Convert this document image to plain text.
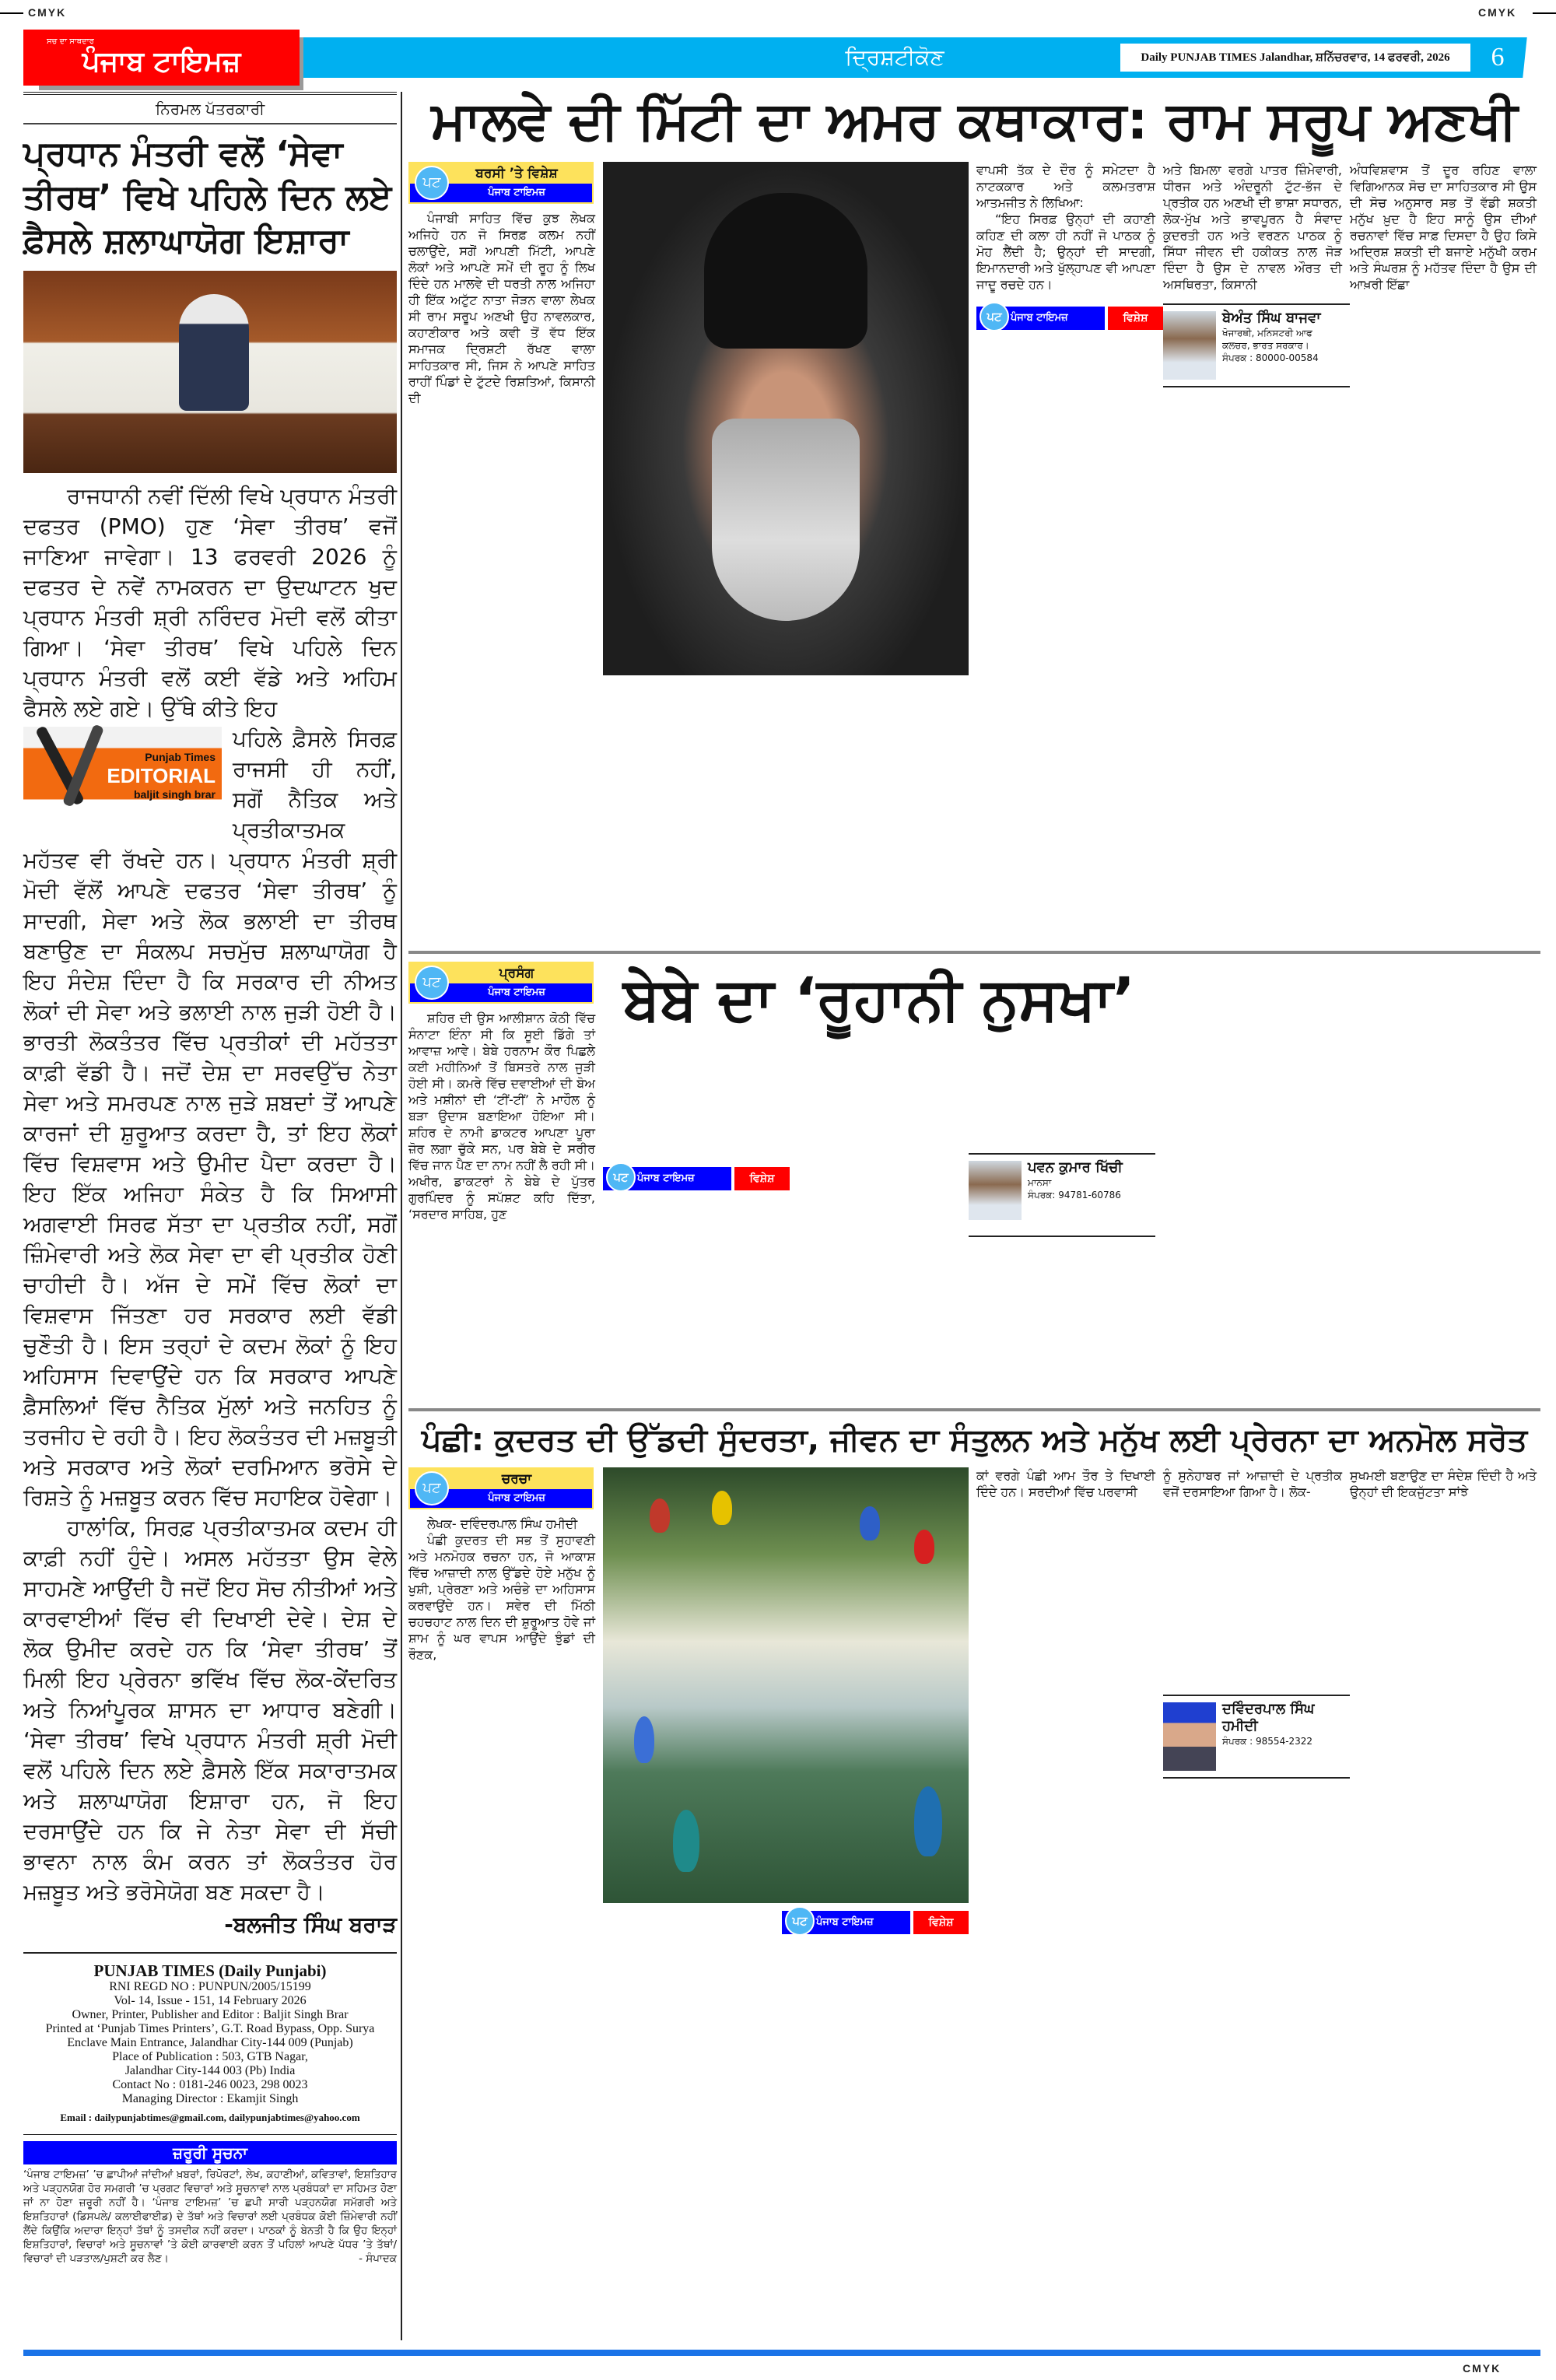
CMYK	CMYK
ਸਚ ਦਾ ਸਾਥਦਾਰ
ਪੰਜਾਬ ਟਾਇਮਜ਼	ਦ੍ਰਿਸ਼ਟੀਕੋਣ	Daily PUNJAB TIMES Jalandhar, ਸ਼ਨਿੱਚਰਵਾਰ, 14 ਫਰਵਰੀ, 2026	6
ਨਿਰਮਲ ਪੱਤਰਕਾਰੀ
ਪ੍ਰਧਾਨ ਮੰਤਰੀ ਵਲੋਂ ‘ਸੇਵਾ ਤੀਰਥ’ ਵਿਖੇ ਪਹਿਲੇ ਦਿਨ ਲਏ ਫ਼ੈਸਲੇ ਸ਼ਲਾਘਾਯੋਗ ਇਸ਼ਾਰਾ

ਰਾਜਧਾਨੀ ਨਵੀਂ ਦਿੱਲੀ ਵਿਖੇ ਪ੍ਰਧਾਨ ਮੰਤਰੀ ਦਫਤਰ (PMO) ਹੁਣ ‘ਸੇਵਾ ਤੀਰਥ’ ਵਜੋਂ ਜਾਣਿਆ ਜਾਵੇਗਾ। 13 ਫਰਵਰੀ 2026 ਨੂੰ ਦਫਤਰ ਦੇ ਨਵੇਂ ਨਾਮਕਰਨ ਦਾ ਉਦਘਾਟਨ ਖੁਦ ਪ੍ਰਧਾਨ ਮੰਤਰੀ ਸ਼੍ਰੀ ਨਰਿੰਦਰ ਮੋਦੀ ਵਲੋਂ ਕੀਤਾ ਗਿਆ। ‘ਸੇਵਾ ਤੀਰਥ’ ਵਿਖੇ ਪਹਿਲੇ ਦਿਨ ਪ੍ਰਧਾਨ ਮੰਤਰੀ ਵਲੋਂ ਕਈ ਵੱਡੇ ਅਤੇ ਅਹਿਮ ਫੈਸਲੇ ਲਏ ਗਏ। ਉੱਥੇ ਕੀਤੇ ਇਹ

Punjab Times
EDITORIAL
baljit singh brar
ਪਹਿਲੇ ਫ਼ੈਸਲੇ ਸਿਰਫ਼ ਰਾਜਸੀ ਹੀ ਨਹੀਂ, ਸਗੋਂ ਨੈਤਿਕ ਅਤੇ ਪ੍ਰਤੀਕਾਤਮਕ ਮਹੱਤਵ ਵੀ ਰੱਖਦੇ ਹਨ। ਪ੍ਰਧਾਨ ਮੰਤਰੀ ਸ਼੍ਰੀ ਮੋਦੀ ਵੱਲੋਂ ਆਪਣੇ ਦਫਤਰ ‘ਸੇਵਾ ਤੀਰਥ’ ਨੂੰ ਸਾਦਗੀ, ਸੇਵਾ ਅਤੇ ਲੋਕ ਭਲਾਈ ਦਾ ਤੀਰਥ ਬਣਾਉਣ ਦਾ ਸੰਕਲਪ ਸਚਮੁੱਚ ਸ਼ਲਾਘਾਯੋਗ ਹੈ ਇਹ ਸੰਦੇਸ਼ ਦਿੰਦਾ ਹੈ ਕਿ ਸਰਕਾਰ ਦੀ ਨੀਅਤ ਲੋਕਾਂ ਦੀ ਸੇਵਾ ਅਤੇ ਭਲਾਈ ਨਾਲ ਜੁੜੀ ਹੋਈ ਹੈ। ਭਾਰਤੀ ਲੋਕਤੰਤਰ ਵਿੱਚ ਪ੍ਰਤੀਕਾਂ ਦੀ ਮਹੱਤਤਾ ਕਾਫ਼ੀ ਵੱਡੀ ਹੈ। ਜਦੋਂ ਦੇਸ਼ ਦਾ ਸਰਵਉੱਚ ਨੇਤਾ ਸੇਵਾ ਅਤੇ ਸਮਰਪਣ ਨਾਲ ਜੁੜੇ ਸ਼ਬਦਾਂ ਤੋਂ ਆਪਣੇ ਕਾਰਜਾਂ ਦੀ ਸ਼ੁਰੂਆਤ ਕਰਦਾ ਹੈ, ਤਾਂ ਇਹ ਲੋਕਾਂ ਵਿੱਚ ਵਿਸ਼ਵਾਸ ਅਤੇ ਉਮੀਦ ਪੈਦਾ ਕਰਦਾ ਹੈ। ਇਹ ਇੱਕ ਅਜਿਹਾ ਸੰਕੇਤ ਹੈ ਕਿ ਸਿਆਸੀ ਅਗਵਾਈ ਸਿਰਫ ਸੱਤਾ ਦਾ ਪ੍ਰਤੀਕ ਨਹੀਂ, ਸਗੋਂ ਜ਼ਿੰਮੇਵਾਰੀ ਅਤੇ ਲੋਕ ਸੇਵਾ ਦਾ ਵੀ ਪ੍ਰਤੀਕ ਹੋਣੀ ਚਾਹੀਦੀ ਹੈ। ਅੱਜ ਦੇ ਸਮੇਂ ਵਿੱਚ ਲੋਕਾਂ ਦਾ ਵਿਸ਼ਵਾਸ ਜਿੱਤਣਾ ਹਰ ਸਰਕਾਰ ਲਈ ਵੱਡੀ ਚੁਣੌਤੀ ਹੈ। ਇਸ ਤਰ੍ਹਾਂ ਦੇ ਕਦਮ ਲੋਕਾਂ ਨੂੰ ਇਹ ਅਹਿਸਾਸ ਦਿਵਾਉਂਦੇ ਹਨ ਕਿ ਸਰਕਾਰ ਆਪਣੇ ਫ਼ੈਸਲਿਆਂ ਵਿੱਚ ਨੈਤਿਕ ਮੁੱਲਾਂ ਅਤੇ ਜਨਹਿਤ ਨੂੰ ਤਰਜੀਹ ਦੇ ਰਹੀ ਹੈ। ਇਹ ਲੋਕਤੰਤਰ ਦੀ ਮਜ਼ਬੂਤੀ ਅਤੇ ਸਰਕਾਰ ਅਤੇ ਲੋਕਾਂ ਦਰਮਿਆਨ ਭਰੋਸੇ ਦੇ ਰਿਸ਼ਤੇ ਨੂੰ ਮਜ਼ਬੂਤ ਕਰਨ ਵਿੱਚ ਸਹਾਇਕ ਹੋਵੇਗਾ।

ਹਾਲਾਂਕਿ, ਸਿਰਫ਼ ਪ੍ਰਤੀਕਾਤਮਕ ਕਦਮ ਹੀ ਕਾਫ਼ੀ ਨਹੀਂ ਹੁੰਦੇ। ਅਸਲ ਮਹੱਤਤਾ ਉਸ ਵੇਲੇ ਸਾਹਮਣੇ ਆਉਂਦੀ ਹੈ ਜਦੋਂ ਇਹ ਸੋਚ ਨੀਤੀਆਂ ਅਤੇ ਕਾਰਵਾਈਆਂ ਵਿੱਚ ਵੀ ਦਿਖਾਈ ਦੇਵੇ। ਦੇਸ਼ ਦੇ ਲੋਕ ਉਮੀਦ ਕਰਦੇ ਹਨ ਕਿ ‘ਸੇਵਾ ਤੀਰਥ’ ਤੋਂ ਮਿਲੀ ਇਹ ਪ੍ਰੇਰਨਾ ਭਵਿੱਖ ਵਿੱਚ ਲੋਕ-ਕੇਂਦਰਿਤ ਅਤੇ ਨਿਆਂਪੂਰਕ ਸ਼ਾਸਨ ਦਾ ਆਧਾਰ ਬਣੇਗੀ। ‘ਸੇਵਾ ਤੀਰਥ’ ਵਿਖੇ ਪ੍ਰਧਾਨ ਮੰਤਰੀ ਸ਼੍ਰੀ ਮੋਦੀ ਵਲੋਂ ਪਹਿਲੇ ਦਿਨ ਲਏ ਫ਼ੈਸਲੇ ਇੱਕ ਸਕਾਰਾਤਮਕ ਅਤੇ ਸ਼ਲਾਘਾਯੋਗ ਇਸ਼ਾਰਾ ਹਨ, ਜੋ ਇਹ ਦਰਸਾਉਂਦੇ ਹਨ ਕਿ ਜੇ ਨੇਤਾ ਸੇਵਾ ਦੀ ਸੱਚੀ ਭਾਵਨਾ ਨਾਲ ਕੰਮ ਕਰਨ ਤਾਂ ਲੋਕਤੰਤਰ ਹੋਰ ਮਜ਼ਬੂਤ ਅਤੇ ਭਰੋਸੇਯੋਗ ਬਣ ਸਕਦਾ ਹੈ।

-ਬਲਜੀਤ ਸਿੰਘ ਬਰਾੜ
PUNJAB TIMES (Daily Punjabi)
RNI REGD NO : PUNPUN/2005/15199
Vol- 14, Issue - 151, 14 February 2026
Owner, Printer, Publisher and Editor : Baljit Singh Brar
Printed at ‘Punjab Times Printers’, G.T. Road Bypass, Opp. Surya
Enclave Main Entrance, Jalandhar City-144 009 (Punjab)
Place of Publication : 503, GTB Nagar,
Jalandhar City-144 003 (Pb) India
Contact No : 0181-246 0023, 298 0023
Managing Director : Ekamjit Singh
Email : dailypunjabtimes@gmail.com, dailypunjabtimes@yahoo.com
ਜ਼ਰੂਰੀ ਸੂਚਨਾ
‘ਪੰਜਾਬ ਟਾਇਮਜ਼’ ’ਚ ਛਾਪੀਆਂ ਜਾਂਦੀਆਂ ਖ਼ਬਰਾਂ, ਰਿਪੋਰਟਾਂ, ਲੇਖ, ਕਹਾਣੀਆਂ, ਕਵਿਤਾਵਾਂ, ਇਸ਼ਤਿਹਾਰ ਅਤੇ ਪੜ੍ਹਨਯੋਗ ਹੋਰ ਸਮਗਰੀ ’ਚ ਪ੍ਰਗਟ ਵਿਚਾਰਾਂ ਅਤੇ ਸੂਚਨਾਵਾਂ ਨਾਲ ਪ੍ਰਬੰਧਕਾਂ ਦਾ ਸਹਿਮਤ ਹੋਣਾ ਜਾਂ ਨਾ ਹੋਣਾ ਜ਼ਰੂਰੀ ਨਹੀਂ ਹੈ। ‘ਪੰਜਾਬ ਟਾਇਮਜ਼’ ’ਚ ਛਪੀ ਸਾਰੀ ਪੜ੍ਹਨਯੋਗ ਸਮੱਗਰੀ ਅਤੇ ਇਸ਼ਤਿਹਾਰਾਂ (ਡਿਸਪਲੇ/ ਕਲਾਈਫਾਈਡ) ਦੇ ਤੱਥਾਂ ਅਤੇ ਵਿਚਾਰਾਂ ਲਈ ਪ੍ਰਬੰਧਕ ਕੋਈ ਜ਼ਿੰਮੇਵਾਰੀ ਨਹੀਂ ਲੈਂਦੇ ਕਿਉਂਕਿ ਅਦਾਰਾ ਇਨ੍ਹਾਂ ਤੱਥਾਂ ਨੂੰ ਤਸਦੀਕ ਨਹੀਂ ਕਰਦਾ। ਪਾਠਕਾਂ ਨੂੰ ਬੇਨਤੀ ਹੈ ਕਿ ਉਹ ਇਨ੍ਹਾਂ ਇਸ਼ਤਿਹਾਰਾਂ, ਵਿਚਾਰਾਂ ਅਤੇ ਸੂਚਨਾਵਾਂ ’ਤੇ ਕੋਈ ਕਾਰਵਾਈ ਕਰਨ ਤੋਂ ਪਹਿਲਾਂ ਆਪਣੇ ਪੱਧਰ ’ਤੇ ਤੱਥਾਂ/ਵਿਚਾਰਾਂ ਦੀ ਪੜਤਾਲ/ਪੁਸ਼ਟੀ ਕਰ ਲੈਣ।	- ਸੰਪਾਦਕ
ਮਾਲਵੇ ਦੀ ਮਿੱਟੀ ਦਾ ਅਮਰ ਕਥਾਕਾਰ: ਰਾਮ ਸਰੂਪ ਅਣਖੀ
ਪਟ
ਬਰਸੀ ’ਤੇ ਵਿਸ਼ੇਸ਼
ਪੰਜਾਬ ਟਾਇਮਜ਼

ਪੰਜਾਬੀ ਸਾਹਿਤ ਵਿੱਚ ਕੁਝ ਲੇਖਕ ਅਜਿਹੇ ਹਨ ਜੋ ਸਿਰਫ਼ ਕਲਮ ਨਹੀਂ ਚਲਾਉਂਦੇ, ਸਗੋਂ ਆਪਣੀ ਮਿੱਟੀ, ਆਪਣੇ ਲੋਕਾਂ ਅਤੇ ਆਪਣੇ ਸਮੇਂ ਦੀ ਰੂਹ ਨੂੰ ਲਿਖ ਦਿੰਦੇ ਹਨ ਮਾਲਵੇ ਦੀ ਧਰਤੀ ਨਾਲ ਅਜਿਹਾ ਹੀ ਇੱਕ ਅਟੁੱਟ ਨਾਤਾ ਜੋੜਨ ਵਾਲਾ ਲੇਖਕ ਸੀ ਰਾਮ ਸਰੂਪ ਅਣਖੀ ਉਹ ਨਾਵਲਕਾਰ, ਕਹਾਣੀਕਾਰ ਅਤੇ ਕਵੀ ਤੋਂ ਵੱਧ ਇੱਕ ਸਮਾਜਕ ਦ੍ਰਿਸ਼ਟੀ ਰੱਖਣ ਵਾਲਾ ਸਾਹਿਤਕਾਰ ਸੀ, ਜਿਸ ਨੇ ਆਪਣੇ ਸਾਹਿਤ ਰਾਹੀਂ ਪਿੰਡਾਂ ਦੇ ਟੁੱਟਦੇ ਰਿਸ਼ਤਿਆਂ, ਕਿਸਾਨੀ ਦੀ

ਵਾਪਸੀ ਤੱਕ ਦੇ ਦੌਰ ਨੂੰ ਸਮੇਟਦਾ ਹੈ ਨਾਟਕਕਾਰ ਅਤੇ ਕਲਮਤਰਾਸ਼ ਆਤਮਜੀਤ ਨੇ ਲਿਖਿਆ:

“ਇਹ ਸਿਰਫ਼ ਉਨ੍ਹਾਂ ਦੀ ਕਹਾਣੀ ਕਹਿਣ ਦੀ ਕਲਾ ਹੀ ਨਹੀਂ ਜੋ ਪਾਠਕ ਨੂੰ ਮੋਹ ਲੈਂਦੀ ਹੈ; ਉਨ੍ਹਾਂ ਦੀ ਸਾਦਗੀ, ਇਮਾਨਦਾਰੀ ਅਤੇ ਖੁੱਲ੍ਹਾਪਣ ਵੀ ਆਪਣਾ ਜਾਦੂ ਰਚਦੇ ਹਨ।

ਪਟ ਪੰਜਾਬ ਟਾਇਮਜ਼	ਵਿਸ਼ੇਸ਼
ਅਤੇ ਬਿਮਲਾ ਵਰਗੇ ਪਾਤਰ ਜ਼ਿੰਮੇਵਾਰੀ, ਧੀਰਜ ਅਤੇ ਅੰਦਰੂਨੀ ਟੁੱਟ-ਭੱਜ ਦੇ ਪ੍ਰਤੀਕ ਹਨ ਅਣਖੀ ਦੀ ਭਾਸ਼ਾ ਸਧਾਰਨ, ਲੋਕ-ਮੁੱਖ ਅਤੇ ਭਾਵਪੂਰਨ ਹੈ ਸੰਵਾਦ ਕੁਦਰਤੀ ਹਨ ਅਤੇ ਵਰਣਨ ਪਾਠਕ ਨੂੰ ਸਿੱਧਾ ਜੀਵਨ ਦੀ ਹਕੀਕਤ ਨਾਲ ਜੋੜ ਦਿੰਦਾ ਹੈ ਉਸ ਦੇ ਨਾਵਲ ਔਰਤ ਦੀ ਅਸਥਿਰਤਾ, ਕਿਸਾਨੀ
ਬੇਅੰਤ ਸਿੰਘ ਬਾਜਵਾ
ਖੋਜਾਰਥੀ, ਮਨਿਸਟਰੀ ਆਫ
ਕਲਚਰ, ਭਾਰਤ ਸਰਕਾਰ।
ਸੰਪਰਕ : 80000-00584
ਅੰਧਵਿਸ਼ਵਾਸ ਤੋਂ ਦੂਰ ਰਹਿਣ ਵਾਲਾ ਵਿਗਿਆਨਕ ਸੋਚ ਦਾ ਸਾਹਿਤਕਾਰ ਸੀ ਉਸ ਦੀ ਸੋਚ ਅਨੁਸਾਰ ਸਭ ਤੋਂ ਵੱਡੀ ਸ਼ਕਤੀ ਮਨੁੱਖ ਖ਼ੁਦ ਹੈ ਇਹ ਸਾਨੂੰ ਉਸ ਦੀਆਂ ਰਚਨਾਵਾਂ ਵਿੱਚ ਸਾਫ਼ ਦਿਸਦਾ ਹੈ ਉਹ ਕਿਸੇ ਅਦ੍ਰਿਸ਼ ਸ਼ਕਤੀ ਦੀ ਬਜਾਏ ਮਨੁੱਖੀ ਕਰਮ ਅਤੇ ਸੰਘਰਸ਼ ਨੂੰ ਮਹੱਤਵ ਦਿੰਦਾ ਹੈ ਉਸ ਦੀ ਆਖ਼ਰੀ ਇੱਛਾ
ਪਟ
ਪ੍ਰਸੰਗ
ਪੰਜਾਬ ਟਾਇਮਜ਼

ਸ਼ਹਿਰ ਦੀ ਉਸ ਆਲੀਸ਼ਾਨ ਕੋਠੀ ਵਿੱਚ ਸੰਨਾਟਾ ਇੰਨਾ ਸੀ ਕਿ ਸੂਈ ਡਿੱਗੇ ਤਾਂ ਆਵਾਜ਼ ਆਵੇ। ਬੇਬੇ ਹਰਨਾਮ ਕੌਰ ਪਿਛਲੇ ਕਈ ਮਹੀਨਿਆਂ ਤੋਂ ਬਿਸਤਰੇ ਨਾਲ ਜੁੜੀ ਹੋਈ ਸੀ। ਕਮਰੇ ਵਿੱਚ ਦਵਾਈਆਂ ਦੀ ਬੋਅ ਅਤੇ ਮਸ਼ੀਨਾਂ ਦੀ ‘ਟੀਂ-ਟੀਂ’ ਨੇ ਮਾਹੌਲ ਨੂੰ ਬੜਾ ਉਦਾਸ ਬਣਾਇਆ ਹੋਇਆ ਸੀ। ਸ਼ਹਿਰ ਦੇ ਨਾਮੀ ਡਾਕਟਰ ਆਪਣਾ ਪੂਰਾ ਜ਼ੋਰ ਲਗਾ ਚੁੱਕੇ ਸਨ, ਪਰ ਬੇਬੇ ਦੇ ਸਰੀਰ ਵਿੱਚ ਜਾਨ ਪੈਣ ਦਾ ਨਾਮ ਨਹੀਂ ਲੈ ਰਹੀ ਸੀ। ਅਖੀਰ, ਡਾਕਟਰਾਂ ਨੇ ਬੇਬੇ ਦੇ ਪੁੱਤਰ ਗੁਰਪਿੰਦਰ ਨੂੰ ਸਪੱਸ਼ਟ ਕਹਿ ਦਿੱਤਾ, ‘ਸਰਦਾਰ ਸਾਹਿਬ, ਹੁਣ

ਬੇਬੇ ਦਾ ‘ਰੂਹਾਨੀ ਨੁਸਖਾ’
ਪਟ ਪੰਜਾਬ ਟਾਇਮਜ਼	ਵਿਸ਼ੇਸ਼
ਪਵਨ ਕੁਮਾਰ ਖਿੱਚੀ
ਮਾਨਸਾ
ਸੰਪਰਕ: 94781-60786
ਪੰਛੀ: ਕੁਦਰਤ ਦੀ ਉੱਡਦੀ ਸੁੰਦਰਤਾ, ਜੀਵਨ ਦਾ ਸੰਤੁਲਨ ਅਤੇ ਮਨੁੱਖ ਲਈ ਪ੍ਰੇਰਨਾ ਦਾ ਅਨਮੋਲ ਸਰੋਤ
ਪਟ
ਚਰਚਾ
ਪੰਜਾਬ ਟਾਇਮਜ਼

ਲੇਖਕ- ਦਵਿੰਦਰਪਾਲ ਸਿੰਘ ਹਮੀਦੀ

ਪੰਛੀ ਕੁਦਰਤ ਦੀ ਸਭ ਤੋਂ ਸੁਹਾਵਣੀ ਅਤੇ ਮਨਮੋਹਕ ਰਚਨਾ ਹਨ, ਜੋ ਆਕਾਸ਼ ਵਿੱਚ ਆਜ਼ਾਦੀ ਨਾਲ ਉੱਡਦੇ ਹੋਏ ਮਨੁੱਖ ਨੂੰ ਖੁਸ਼ੀ, ਪ੍ਰੇਰਣਾ ਅਤੇ ਅਚੰਭੇ ਦਾ ਅਹਿਸਾਸ ਕਰਵਾਉਂਦੇ ਹਨ। ਸਵੇਰ ਦੀ ਮਿੱਠੀ ਚਹਚਹਾਟ ਨਾਲ ਦਿਨ ਦੀ ਸ਼ੁਰੂਆਤ ਹੋਵੇ ਜਾਂ ਸ਼ਾਮ ਨੂੰ ਘਰ ਵਾਪਸ ਆਉਂਦੇ ਝੁੰਡਾਂ ਦੀ ਰੌਣਕ,

ਪਟ ਪੰਜਾਬ ਟਾਇਮਜ਼	ਵਿਸ਼ੇਸ਼
ਕਾਂ ਵਰਗੇ ਪੰਛੀ ਆਮ ਤੌਰ ਤੇ ਦਿਖਾਈ ਦਿੰਦੇ ਹਨ। ਸਰਦੀਆਂ ਵਿੱਚ ਪਰਵਾਸੀ
ਨੂੰ ਸੁਨੇਹਾਬਰ ਜਾਂ ਆਜ਼ਾਦੀ ਦੇ ਪ੍ਰਤੀਕ ਵਜੋਂ ਦਰਸਾਇਆ ਗਿਆ ਹੈ। ਲੋਕ-
ਦਵਿੰਦਰਪਾਲ ਸਿੰਘ
ਹਮੀਦੀ
ਸੰਪਰਕ : 98554-2322
ਸੁਖਮਈ ਬਣਾਉਣ ਦਾ ਸੰਦੇਸ਼ ਦਿੰਦੀ ਹੈ ਅਤੇ ਉਨ੍ਹਾਂ ਦੀ ਇਕਜੁੱਟਤਾ ਸਾਂਝੇ
CMYK
